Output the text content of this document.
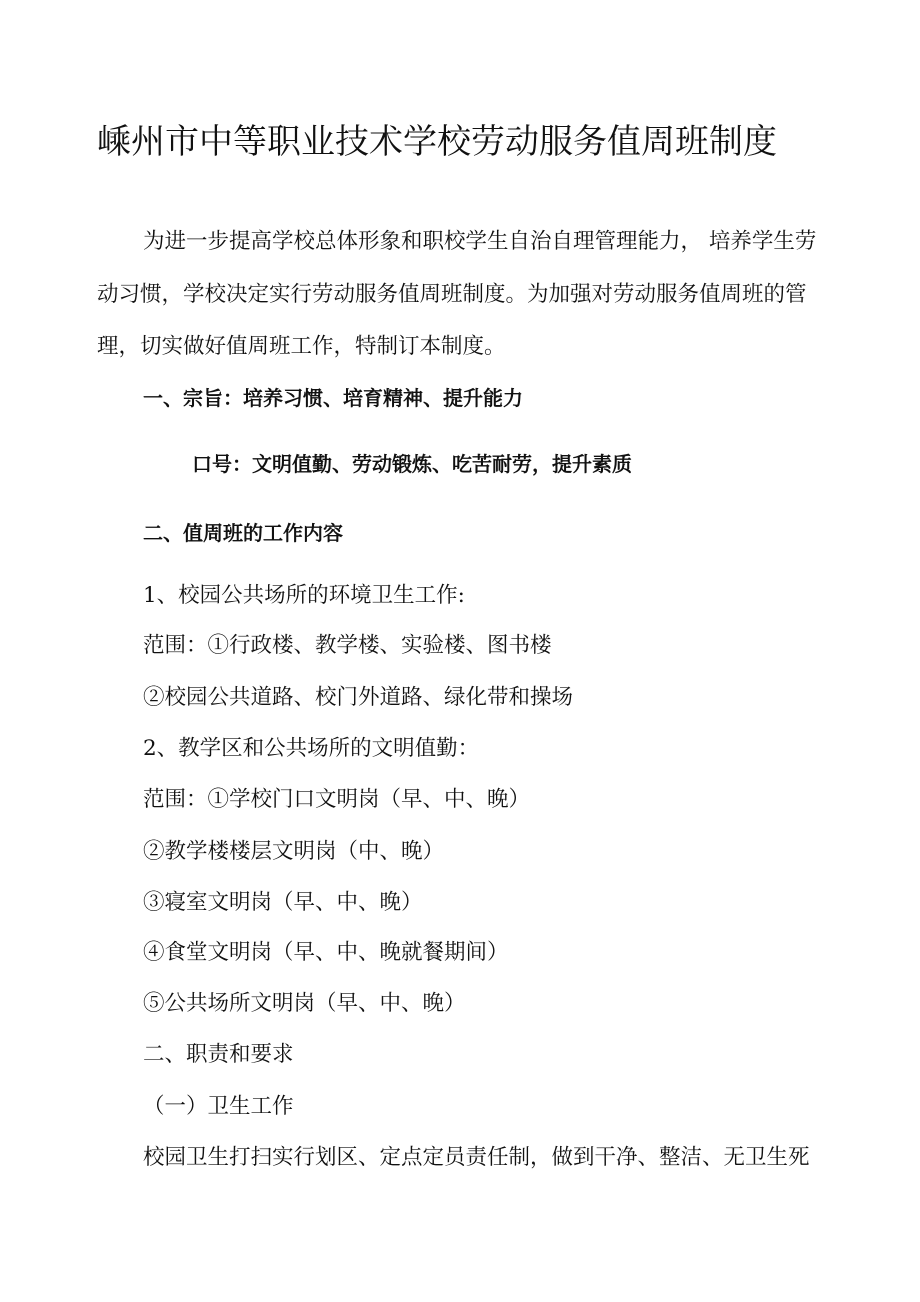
嵊州市中等职业技术学校劳动服务值周班制度
为进一步提高学校总体形象和职校学生自治自理管理能力， 培养学生劳
动习惯，学校决定实行劳动服务值周班制度。为加强对劳动服务值周班的管
理，切实做好值周班工作，特制订本制度。
一、宗旨：培养习惯、培育精神、提升能力
口号：文明值勤、劳动锻炼、吃苦耐劳，提升素质
二、值周班的工作内容
1、校园公共场所的环境卫生工作:
范围：①行政楼、教学楼、实验楼、图书楼
②校园公共道路、校门外道路、绿化带和操场
2、教学区和公共场所的文明值勤：
范围：①学校门口文明岗（早、中、晚）
②教学楼楼层文明岗（中、晚）
③寝室文明岗（早、中、晚）
④食堂文明岗（早、中、晚就餐期间）
⑤公共场所文明岗（早、中、晚）
二、职责和要求
（一）卫生工作
校园卫生打扫实行划区、定点定员责任制，做到干净、整洁、无卫生死
